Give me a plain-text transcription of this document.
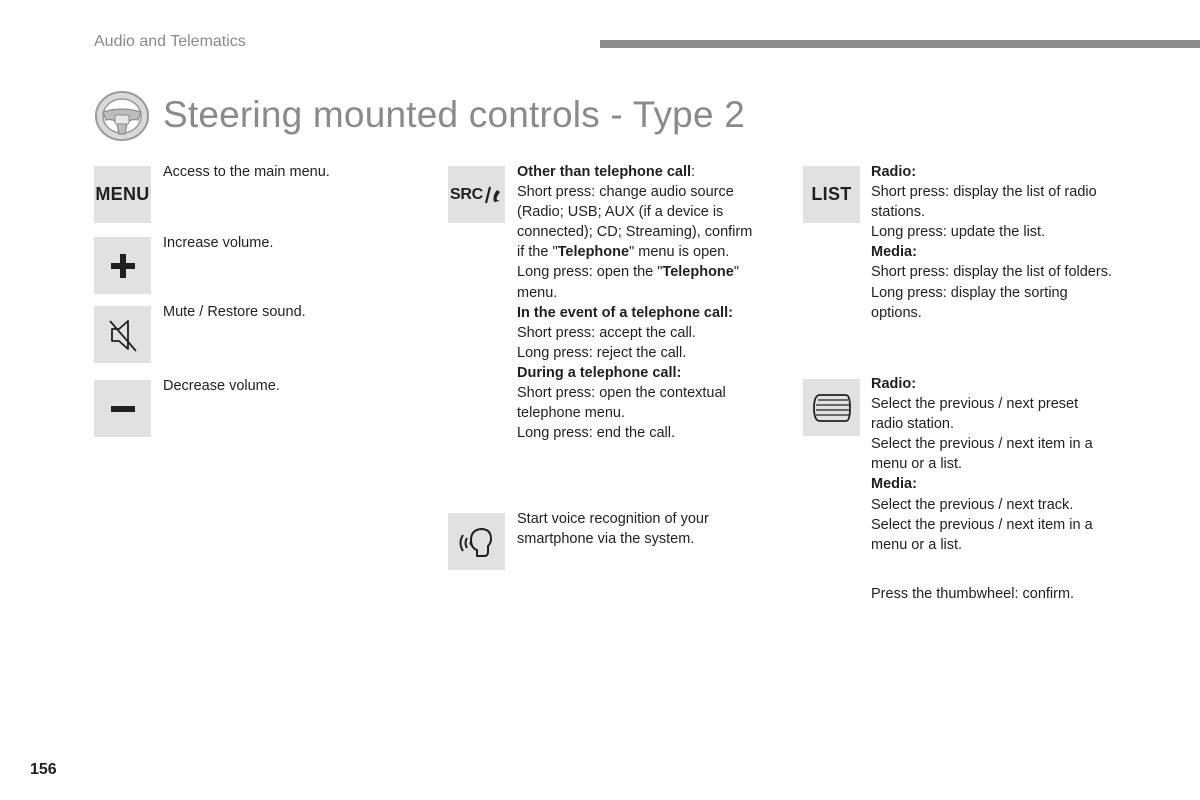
Audio and Telematics
Steering mounted controls - Type 2
MENU

Access to the main menu.

Increase volume.

Mute / Restore sound.

Decrease volume.

SRC

Other than telephone call:

Short press: change audio source

(Radio; USB; AUX (if a device is

connected); CD; Streaming), confirm

if the "Telephone" menu is open.

Long press: open the "Telephone"

menu.

In the event of a telephone call:

Short press: accept the call.

Long press: reject the call.

During a telephone call:

Short press: open the contextual

telephone menu.

Long press: end the call.

Start voice recognition of your

smartphone via the system.

LIST

Radio:

Short press: display the list of radio

stations.

Long press: update the list.

Media:

Short press: display the list of folders.

Long press: display the sorting

options.

Radio:

Select the previous / next preset

radio station.

Select the previous / next item in a

menu or a list.

Media:

Select the previous / next track.

Select the previous / next item in a

menu or a list.

Press the thumbwheel: confirm.

156
